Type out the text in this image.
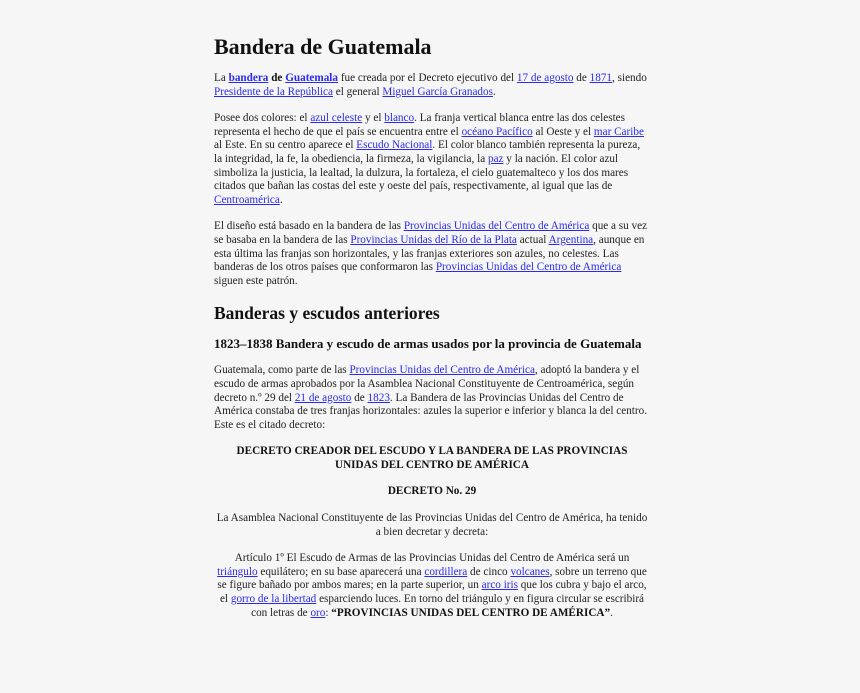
Bandera de Guatemala

La bandera de Guatemala fue creada por el Decreto ejecutivo del 17 de agosto de 1871, siendo Presidente de la República el general Miguel García Granados.

Posee dos colores: el azul celeste y el blanco. La franja vertical blanca entre las dos celestes representa el hecho de que el país se encuentra entre el océano Pacífico al Oeste y el mar Caribe al Este. En su centro aparece el Escudo Nacional. El color blanco también representa la pureza, la integridad, la fe, la obediencia, la firmeza, la vigilancia, la paz y la nación. El color azul simboliza la justicia, la lealtad, la dulzura, la fortaleza, el cielo guatemalteco y los dos mares citados que bañan las costas del este y oeste del país, respectivamente, al igual que las de Centroamérica.

El diseño está basado en la bandera de las Provincias Unidas del Centro de América que a su vez se basaba en la bandera de las Provincias Unidas del Río de la Plata actual Argentina, aunque en esta última las franjas son horizontales, y las franjas exteriores son azules, no celestes. Las banderas de los otros países que conformaron las Provincias Unidas del Centro de América siguen este patrón.

Banderas y escudos anteriores
1823–1838 Bandera y escudo de armas usados por la provincia de Guatemala

Guatemala, como parte de las Provincias Unidas del Centro de América, adoptó la bandera y el escudo de armas aprobados por la Asamblea Nacional Constituyente de Centroamérica, según decreto n.º 29 del 21 de agosto de 1823. La Bandera de las Provincias Unidas del Centro de América constaba de tres franjas horizontales: azules la superior e inferior y blanca la del centro. Este es el citado decreto:

DECRETO CREADOR DEL ESCUDO Y LA BANDERA DE LAS PROVINCIAS UNIDAS DEL CENTRO DE AMÉRICA

DECRETO No. 29

La Asamblea Nacional Constituyente de las Provincias Unidas del Centro de América, ha tenido a bien decretar y decreta:

Artículo 1º El Escudo de Armas de las Provincias Unidas del Centro de América será un triángulo equilátero; en su base aparecerá una cordillera de cinco volcanes, sobre un terreno que se figure bañado por ambos mares; en la parte superior, un arco iris que los cubra y bajo el arco, el gorro de la libertad esparciendo luces. En torno del triángulo y en figura circular se escribirá con letras de oro: “PROVINCIAS UNIDAS DEL CENTRO DE AMÉRICA”.
